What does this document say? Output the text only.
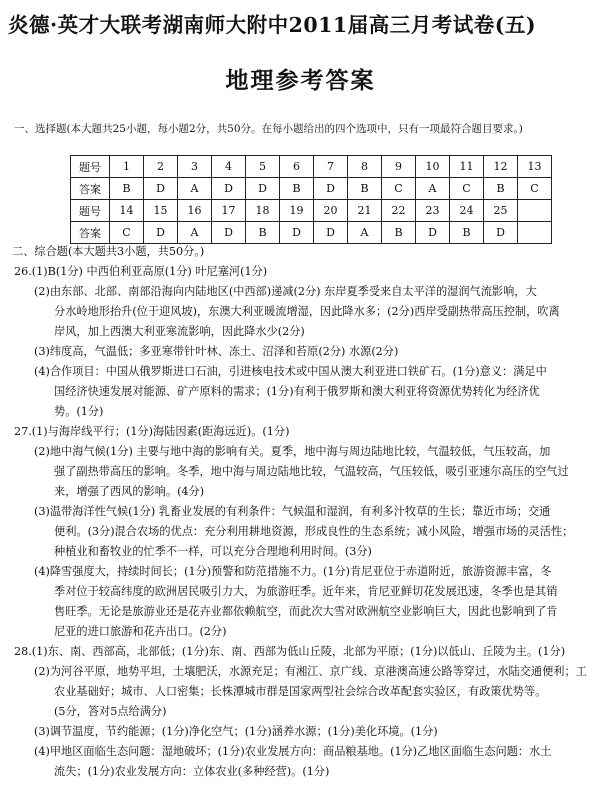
炎德·英才大联考湖南师大附中2011届高三月考试卷(五)
地理参考答案
一、选择题(本大题共25小题，每小题2分，共50分。在每小题给出的四个选项中，只有一项最符合题目要求。)
题号	1	2	3	4	5	6	7	8	9	10	11	12	13
答案	B	D	A	D	D	B	D	B	C	A	C	B	C
题号	14	15	16	17	18	19	20	21	22	23	24	25	
答案	C	D	A	D	B	D	D	A	B	D	B	D	
二、综合题(本大题共3小题，共50分。)
26.(1)B(1分) 中西伯利亚高原(1分) 叶尼塞河(1分)
(2)由东部、北部、南部沿海向内陆地区(中西部)递减(2分) 东岸夏季受来自太平洋的湿润气流影响，大
分水岭地形抬升(位于迎风坡)，东澳大利亚暖流增湿，因此降水多；(2分)西岸受副热带高压控制，吹离
岸风，加上西澳大利亚寒流影响，因此降水少(2分)
(3)纬度高，气温低；多亚寒带针叶林、冻土、沼泽和苔原(2分) 水源(2分)
(4)合作项目：中国从俄罗斯进口石油，引进核电技术或中国从澳大利亚进口铁矿石。(1分)意义：满足中
国经济快速发展对能源、矿产原料的需求；(1分)有利于俄罗斯和澳大利亚将资源优势转化为经济优
势。(1分)
27.(1)与海岸线平行；(1分)海陆因素(距海远近)。(1分)
(2)地中海气候(1分) 主要与地中海的影响有关。夏季，地中海与周边陆地比较，气温较低，气压较高，加
强了副热带高压的影响。冬季，地中海与周边陆地比较，气温较高，气压较低，吸引亚速尔高压的空气过
来，增强了西风的影响。(4分)
(3)温带海洋性气候(1分) 乳畜业发展的有利条件：气候温和湿润，有利多汁牧草的生长；靠近市场；交通
便利。(3分)混合农场的优点：充分利用耕地资源，形成良性的生态系统；减小风险，增强市场的灵活性；
种植业和畜牧业的忙季不一样，可以充分合理地利用时间。(3分)
(4)降雪强度大，持续时间长；(1分)预警和防范措施不力。(1分)肯尼亚位于赤道附近，旅游资源丰富，冬
季对位于较高纬度的欧洲居民吸引力大，为旅游旺季。近年来，肯尼亚鲜切花发展迅速，冬季也是其销
售旺季。无论是旅游业还是花卉业都依赖航空，而此次大雪对欧洲航空业影响巨大，因此也影响到了肯
尼亚的进口旅游和花卉出口。(2分)
28.(1)东、南、西部高，北部低；(1分)东、南、西部为低山丘陵，北部为平原；(1分)以低山、丘陵为主。(1分)
(2)为河谷平原，地势平坦，土壤肥沃，水源充足；有湘江、京广线、京港澳高速公路等穿过，水陆交通便利；工
农业基础好；城市、人口密集；长株潭城市群是国家两型社会综合改革配套实验区，有政策优势等。
(5分，答对5点给满分)
(3)调节温度，节约能源；(1分)净化空气；(1分)涵养水源；(1分)美化环境。(1分)
(4)甲地区面临生态问题：湿地破坏；(1分)农业发展方向：商品粮基地。(1分)乙地区面临生态问题：水土
流失；(1分)农业发展方向：立体农业(多种经营)。(1分)
